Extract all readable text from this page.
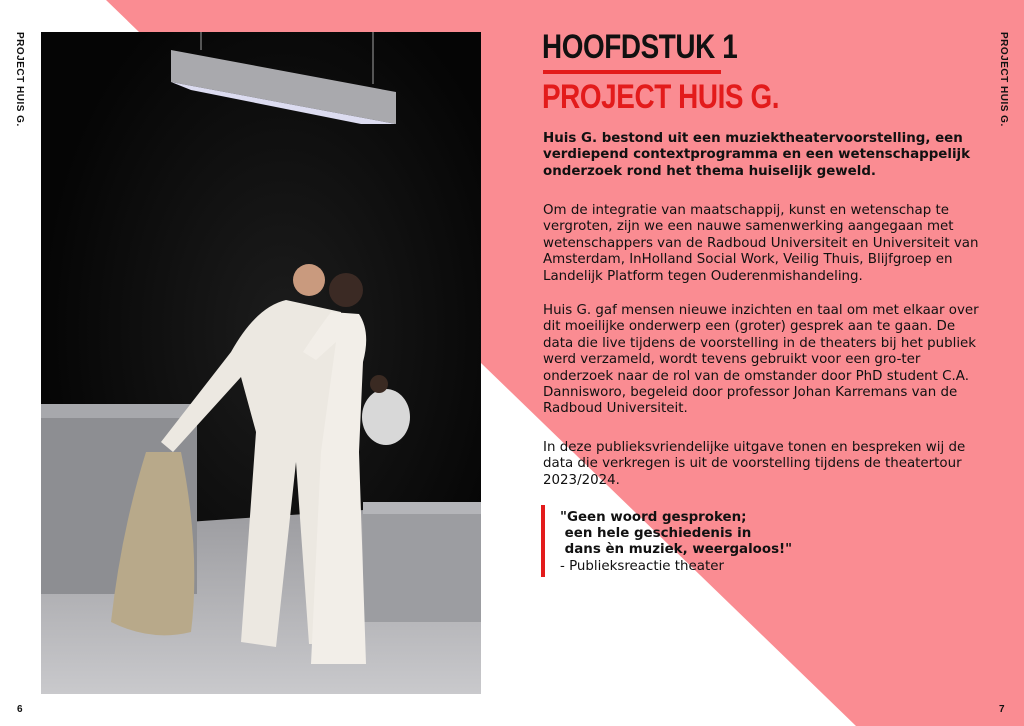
PROJECT HUIS G.	PROJECT HUIS G.
HOOFDSTUK 1
PROJECT HUIS G.
Huis G. bestond uit een muziektheatervoorstelling, een verdiepend contextprogramma en een wetenschappelijk onderzoek rond het thema huiselijk geweld.
Om de integratie van maatschappij, kunst en wetenschap te vergroten, zijn we een nauwe samenwerking aangegaan met wetenschappers van de Radboud Universiteit en Universiteit van Amsterdam, InHolland Social Work, Veilig Thuis, Blijfgroep en Landelijk Platform tegen Ouderenmishandeling.
Huis G. gaf mensen nieuwe inzichten en taal om met elkaar over dit moeilijke onderwerp een (groter) gesprek aan te gaan. De data die live tijdens de voorstelling in de theaters bij het publiek werd verzameld, wordt tevens gebruikt voor een gro-ter onderzoek naar de rol van de omstander door PhD student C.A. Dannisworo, begeleid door professor Johan Karremans van de Radboud Universiteit.
In deze publieksvriendelijke uitgave tonen en bespreken wij de data die verkregen is uit de voorstelling tijdens de theatertour 2023/2024.
"Geen woord gesproken;
een hele geschiedenis in
dans èn muziek, weergaloos!"
- Publieksreactie theater
6	7
